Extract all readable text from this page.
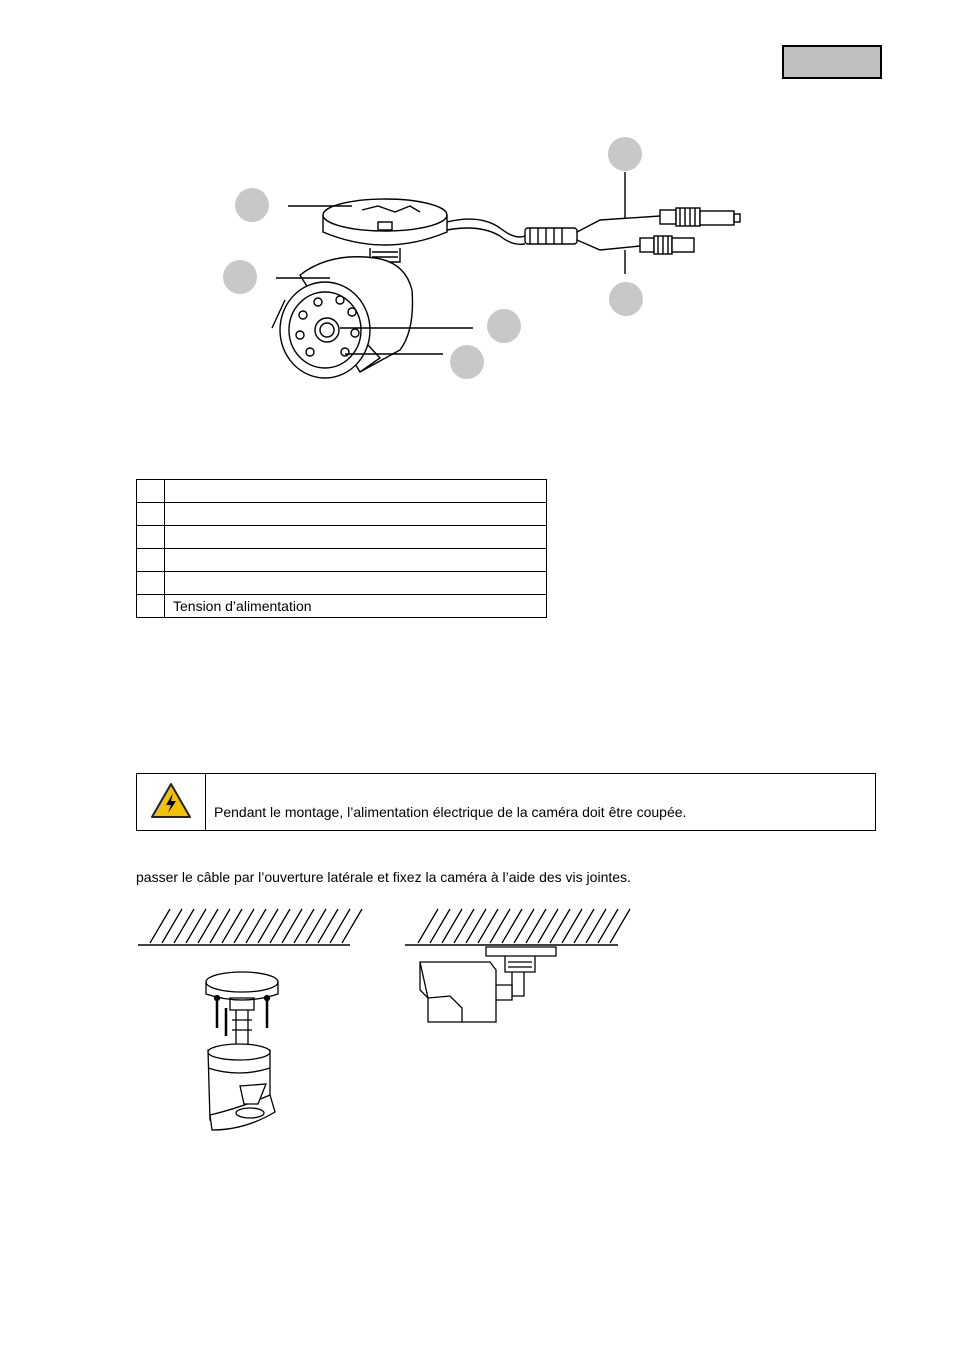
	Tension d’alimentation
Pendant le montage, l’alimentation électrique de la caméra doit être coupée.
passer le câble par l’ouverture latérale et fixez la caméra à l’aide des vis jointes.
